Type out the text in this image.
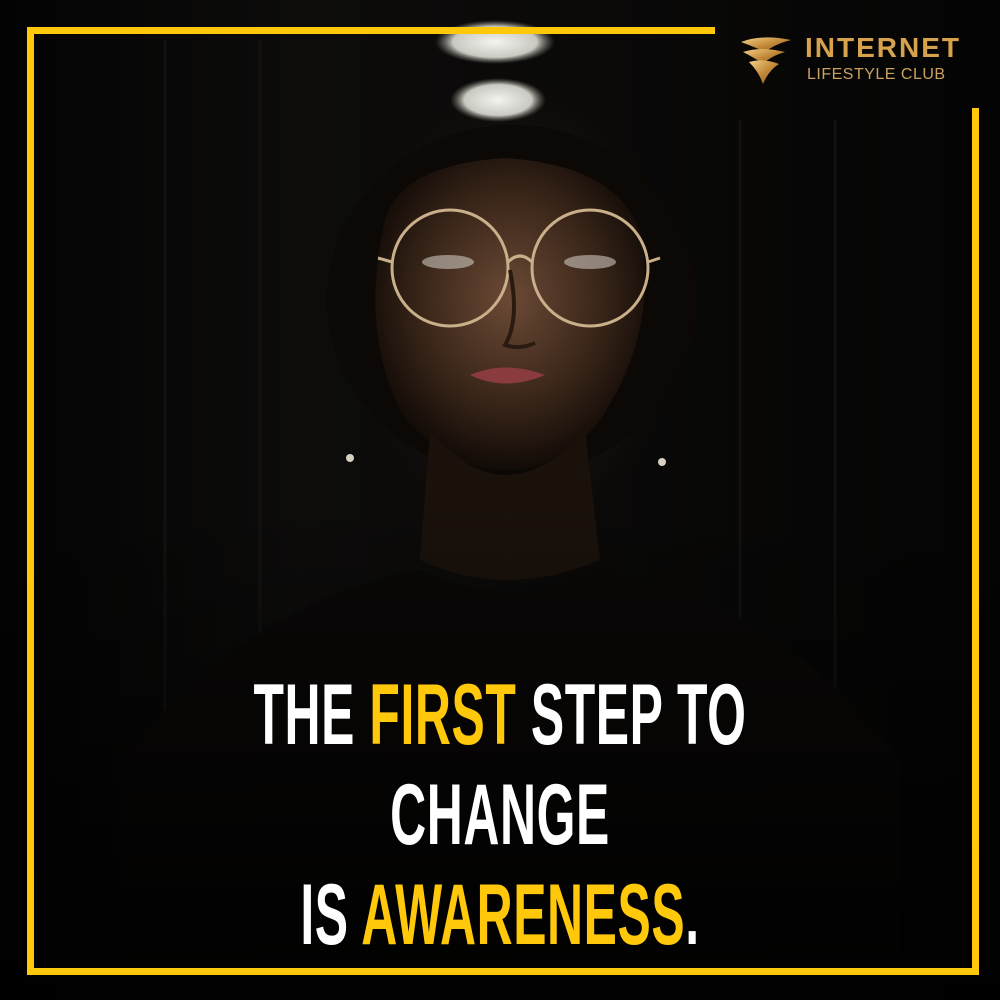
INTERNET
LIFESTYLE CLUB
THE FIRST STEP TO CHANGE
IS AWARENESS.
